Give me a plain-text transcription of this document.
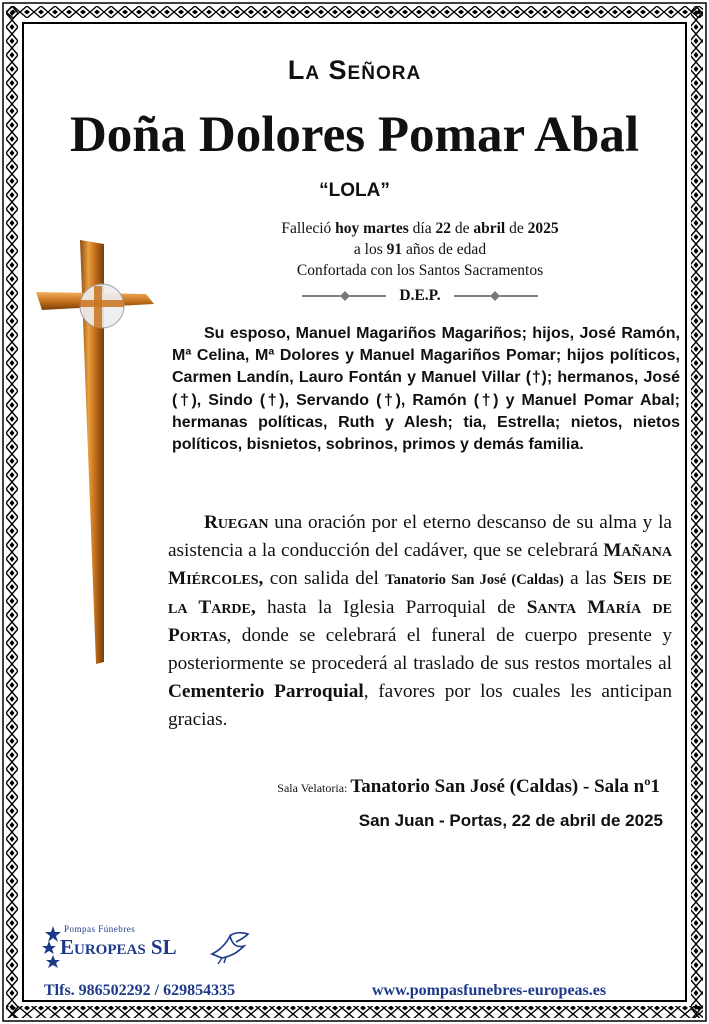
La Señora
Doña Dolores Pomar Abal
“LOLA”
Falleció hoy martes día 22 de abril de 2025
a los 91 años de edad
Confortada con los Santos Sacramentos
D.E.P.
Su esposo, Manuel Magariños Magariños; hijos, José Ramón, Mª Celina, Mª Dolores y Manuel Magariños Pomar; hijos políticos, Carmen Landín, Lauro Fontán y Manuel Villar (†); hermanos, José (†), Sindo (†), Servando (†), Ramón (†) y Manuel Pomar Abal; hermanas políticas, Ruth y Alesh; tia, Estrella; nietos, nietos políticos, bisnietos, sobrinos, primos y demás familia.

Ruegan una oración por el eterno descanso de su alma y la asistencia a la conducción del cadáver, que se celebrará Mañana Miércoles, con salida del Tanatorio San José (Caldas) a las Seis de la Tarde, hasta la Iglesia Parroquial de Santa María de Portas, donde se celebrará el funeral de cuerpo presente y posteriormente se procederá al traslado de sus restos mortales al Cementerio Parroquial, favores por los cuales les anticipan gracias.

Sala Velatoria: Tanatorio San José (Caldas) - Sala nº1
San Juan - Portas, 22 de abril de 2025
Pompas Fúnebres
Europeas SL
Tlfs. 986502292 / 629854335	www.pompasfunebres-europeas.es
